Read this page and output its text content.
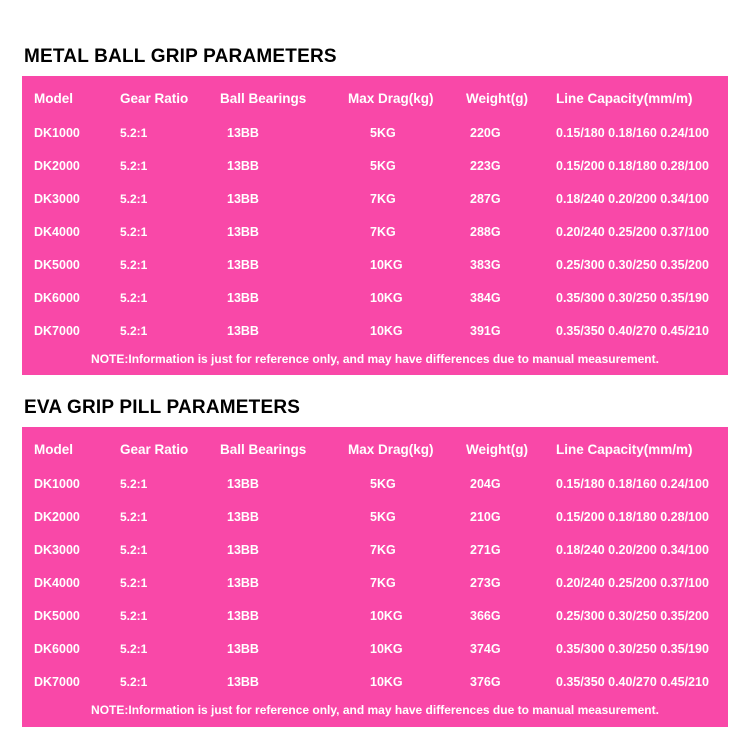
METAL BALL GRIP PARAMETERS
Model	Gear Ratio	Ball Bearings	Max Drag(kg)	Weight(g)	Line Capacity(mm/m)
DK1000	5.2:1	13BB	5KG	220G	0.15/180 0.18/160 0.24/100
DK2000	5.2:1	13BB	5KG	223G	0.15/200 0.18/180 0.28/100
DK3000	5.2:1	13BB	7KG	287G	0.18/240 0.20/200 0.34/100
DK4000	5.2:1	13BB	7KG	288G	0.20/240 0.25/200 0.37/100
DK5000	5.2:1	13BB	10KG	383G	0.25/300 0.30/250 0.35/200
DK6000	5.2:1	13BB	10KG	384G	0.35/300 0.30/250 0.35/190
DK7000	5.2:1	13BB	10KG	391G	0.35/350 0.40/270 0.45/210
NOTE:Information is just for reference only, and may have differences due to manual measurement.
EVA GRIP PILL PARAMETERS
Model	Gear Ratio	Ball Bearings	Max Drag(kg)	Weight(g)	Line Capacity(mm/m)
DK1000	5.2:1	13BB	5KG	204G	0.15/180 0.18/160 0.24/100
DK2000	5.2:1	13BB	5KG	210G	0.15/200 0.18/180 0.28/100
DK3000	5.2:1	13BB	7KG	271G	0.18/240 0.20/200 0.34/100
DK4000	5.2:1	13BB	7KG	273G	0.20/240 0.25/200 0.37/100
DK5000	5.2:1	13BB	10KG	366G	0.25/300 0.30/250 0.35/200
DK6000	5.2:1	13BB	10KG	374G	0.35/300 0.30/250 0.35/190
DK7000	5.2:1	13BB	10KG	376G	0.35/350 0.40/270 0.45/210
NOTE:Information is just for reference only, and may have differences due to manual measurement.
